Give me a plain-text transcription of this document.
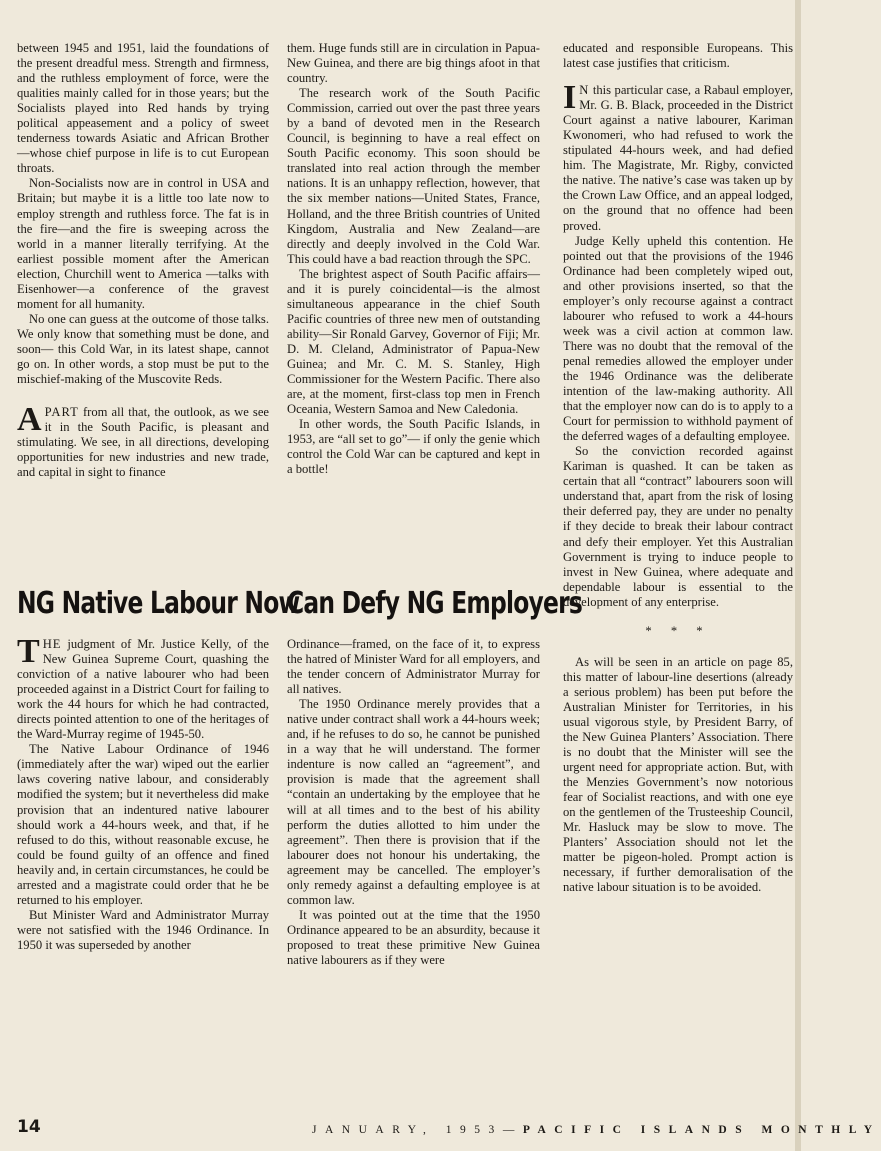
between 1945 and 1951, laid the foundations of the present dreadful mess. Strength and firmness, and the ruthless employment of force, were the qualities mainly called for in those years; but the Socialists played into Red hands by trying political appeasement and a policy of sweet tenderness towards Asiatic and African Brother —whose chief purpose in life is to cut European throats.

Non-Socialists now are in control in USA and Britain; but maybe it is a little too late now to employ strength and ruthless force. The fat is in the fire—and the fire is sweeping across the world in a manner literally terrifying. At the earliest possible moment after the American election, Churchill went to America —talks with Eisenhower—a conference of the gravest moment for all humanity.

No one can guess at the outcome of those talks. We only know that something must be done, and soon— this Cold War, in its latest shape, cannot go on. In other words, a stop must be put to the mischief-making of the Muscovite Reds.

APART from all that, the outlook, as we see it in the South Pacific, is pleasant and stimulating. We see, in all directions, developing opportunities for new industries and new trade, and capital in sight to finance

them. Huge funds still are in circulation in Papua-New Guinea, and there are big things afoot in that country.

The research work of the South Pacific Commission, carried out over the past three years by a band of devoted men in the Research Council, is beginning to have a real effect on South Pacific economy. This soon should be translated into real action through the member nations. It is an unhappy reflection, however, that the six member nations—United States, France, Holland, and the three British countries of United Kingdom, Australia and New Zealand—are directly and deeply involved in the Cold War. This could have a bad reaction through the SPC.

The brightest aspect of South Pacific affairs—and it is purely coincidental—is the almost simultaneous appearance in the chief South Pacific countries of three new men of outstanding ability—Sir Ronald Garvey, Governor of Fiji; Mr. D. M. Cleland, Administrator of Papua-New Guinea; and Mr. C. M. S. Stanley, High Commissioner for the Western Pacific. There also are, at the moment, first-class top men in French Oceania, Western Samoa and New Caledonia.

In other words, the South Pacific Islands, in 1953, are “all set to go”— if only the genie which control the Cold War can be captured and kept in a bottle!

NG Native Labour Now
Can Defy NG Employers

THE judgment of Mr. Justice Kelly, of the New Guinea Supreme Court, quashing the conviction of a native labourer who had been proceeded against in a District Court for failing to work the 44 hours for which he had contracted, directs pointed attention to one of the heritages of the Ward-Murray regime of 1945-50.

The Native Labour Ordinance of 1946 (immediately after the war) wiped out the earlier laws covering native labour, and considerably modified the system; but it nevertheless did make provision that an indentured native labourer should work a 44-hours week, and that, if he refused to do this, without reasonable excuse, he could be found guilty of an offence and fined heavily and, in certain circumstances, he could be arrested and a magistrate could order that he be returned to his employer.

But Minister Ward and Administrator Murray were not satisfied with the 1946 Ordinance. In 1950 it was superseded by another

Ordinance—framed, on the face of it, to express the hatred of Minister Ward for all employers, and the tender concern of Administrator Murray for all natives.

The 1950 Ordinance merely provides that a native under contract shall work a 44-hours week; and, if he refuses to do so, he cannot be punished in a way that he will understand. The former indenture is now called an “agreement”, and provision is made that the agreement shall “contain an undertaking by the employee that he will at all times and to the best of his ability perform the duties allotted to him under the agreement”. Then there is provision that if the labourer does not honour his undertaking, the agreement may be cancelled. The employer’s only remedy against a defaulting employee is at common law.

It was pointed out at the time that the 1950 Ordinance appeared to be an absurdity, because it proposed to treat these primitive New Guinea native labourers as if they were

educated and responsible Europeans. This latest case justifies that criticism.

I N this particular case, a Rabaul employer, Mr. G. B. Black, proceeded in the District Court against a native labourer, Kariman Kwonomeri, who had refused to work the stipulated 44-hours week, and had defied him. The Magistrate, Mr. Rigby, convicted the native. The native’s case was taken up by the Crown Law Office, and an appeal lodged, on the ground that no offence had been proved.

Judge Kelly upheld this contention. He pointed out that the provisions of the 1946 Ordinance had been completely wiped out, and other provisions inserted, so that the employer’s only recourse against a contract labourer who refused to work a 44-hours week was a civil action at common law. There was no doubt that the removal of the penal remedies allowed the employer under the 1946 Ordinance was the deliberate intention of the law-making authority. All that the employer now can do is to apply to a Court for permission to withhold payment of the deferred wages of a defaulting employee.

So the conviction recorded against Kariman is quashed. It can be taken as certain that all “contract” labourers soon will understand that, apart from the risk of losing their deferred pay, they are under no penalty if they decide to break their labour contract and defy their employer. Yet this Australian Government is trying to induce people to invest in New Guinea, where adequate and dependable labour is essential to the development of any enterprise.

* * *

As will be seen in an article on page 85, this matter of labour-line desertions (already a serious problem) has been put before the Australian Minister for Territories, in his usual vigorous style, by President Barry, of the New Guinea Planters’ Association. There is no doubt that the Minister will see the urgent need for appropriate action. But, with the Menzies Government’s now notorious fear of Socialist reactions, and with one eye on the gentlemen of the Trusteeship Council, Mr. Hasluck may be slow to move. The Planters’ Association should not let the matter be pigeon-holed. Prompt action is necessary, if further demoralisation of the native labour situation is to be avoided.

14	JANUARY, 1953—PACIFIC ISLANDS MONTHLY
